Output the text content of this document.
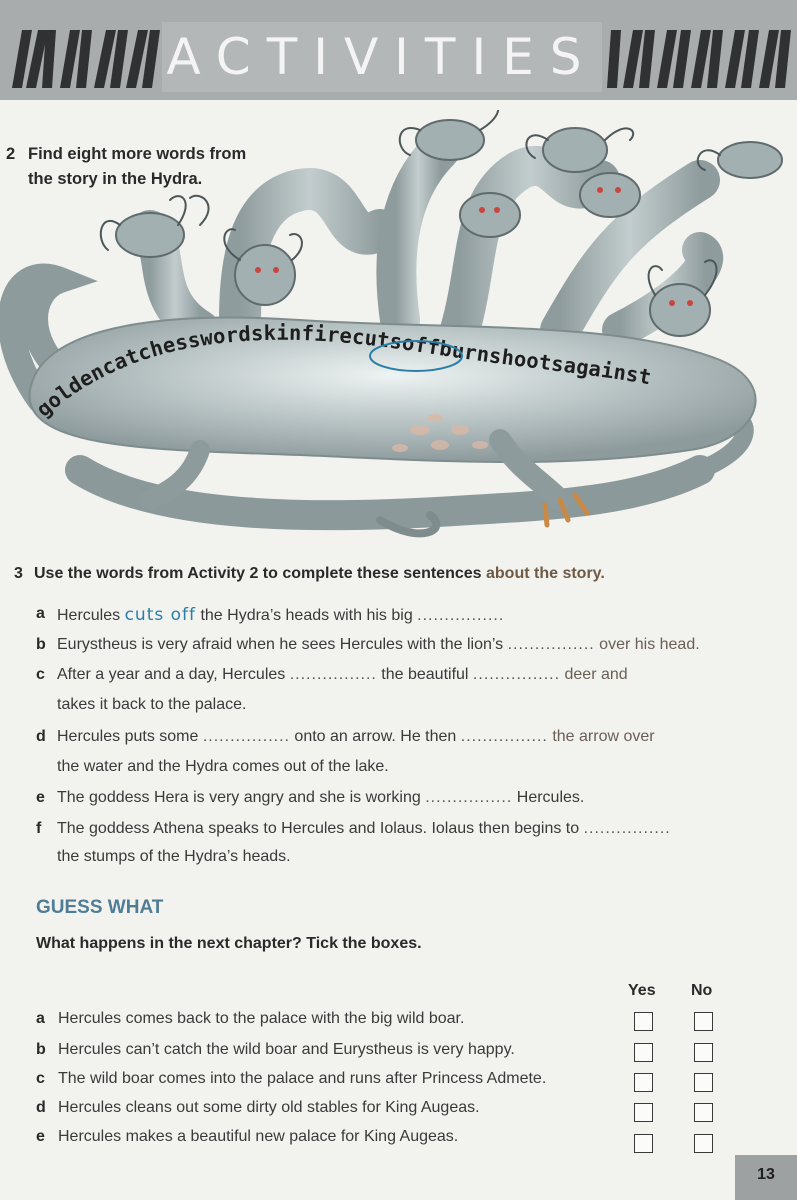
ACTIVITIES
2 Find eight more words from
the story in the Hydra.
goldencatchesswordskinfirecutsoffburnshootsagainst
3 Use the words from Activity 2 to complete these sentences about the story.
a Hercules cuts off the Hydra’s heads with his big ................
b Eurystheus is very afraid when he sees Hercules with the lion’s ................ over his head.
c After a year and a day, Hercules ................ the beautiful ................ deer and
takes it back to the palace.
d Hercules puts some ................ onto an arrow. He then ................ the arrow over
the water and the Hydra comes out of the lake.
e The goddess Hera is very angry and she is working ................ Hercules.
f The goddess Athena speaks to Hercules and Iolaus. Iolaus then begins to ................
the stumps of the Hydra’s heads.
GUESS WHAT
What happens in the next chapter? Tick the boxes.
Yes No
a Hercules comes back to the palace with the big wild boar.
b Hercules can’t catch the wild boar and Eurystheus is very happy.
c The wild boar comes into the palace and runs after Princess Admete.
d Hercules cleans out some dirty old stables for King Augeas.
e Hercules makes a beautiful new palace for King Augeas.
13
